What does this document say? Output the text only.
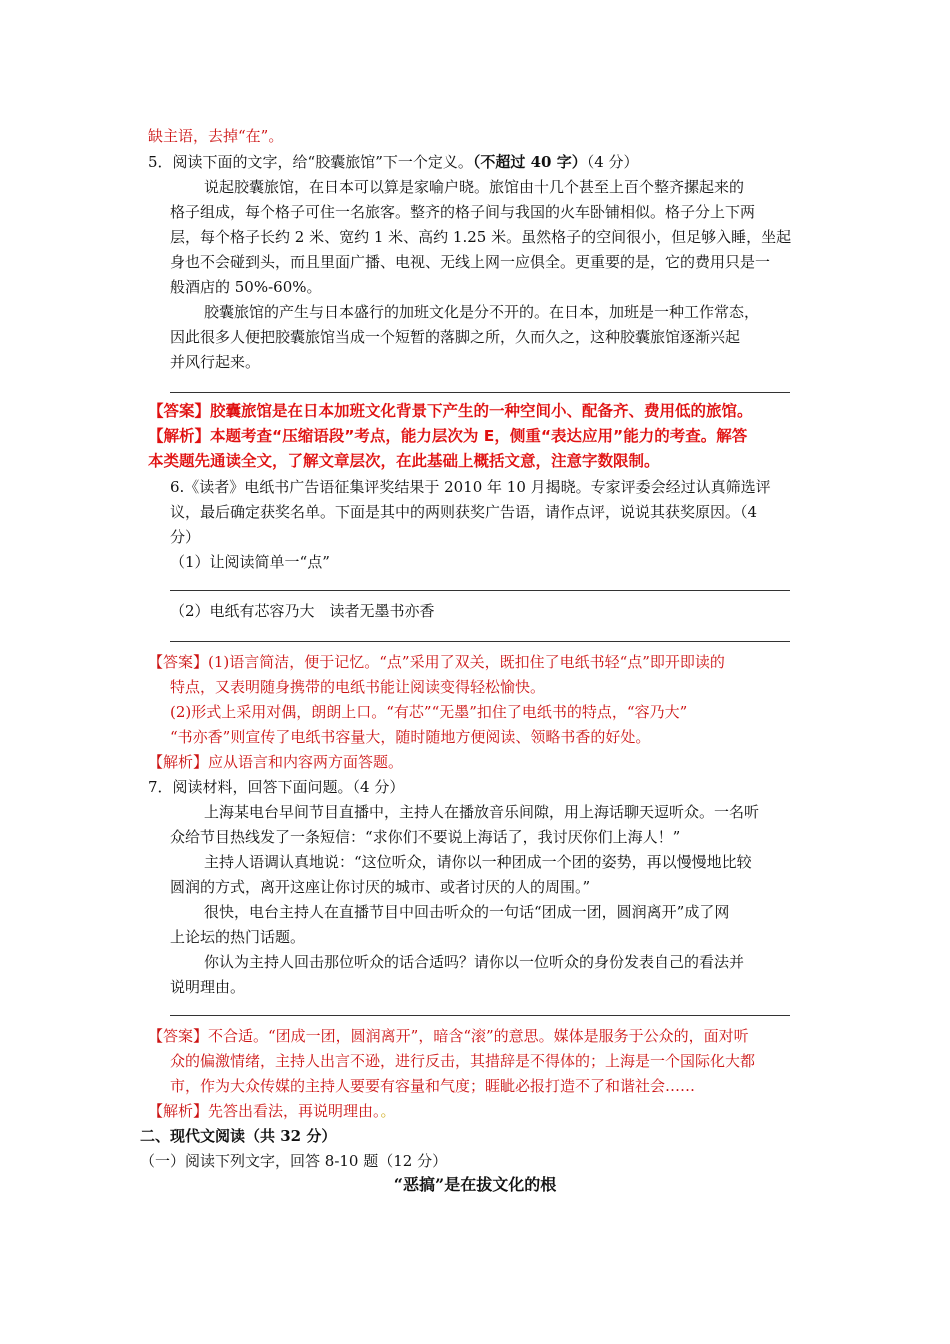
缺主语，去掉“在”。
5．阅读下面的文字，给“胶囊旅馆”下一个定义。（不超过 40 字）（4 分）
说起胶囊旅馆，在日本可以算是家喻户晓。旅馆由十几个甚至上百个整齐摞起来的
格子组成，每个格子可住一名旅客。整齐的格子间与我国的火车卧铺相似。格子分上下两
层，每个格子长约 2 米、宽约 1 米、高约 1.25 米。虽然格子的空间很小，但足够入睡，坐起
身也不会碰到头，而且里面广播、电视、无线上网一应俱全。更重要的是，它的费用只是一
般酒店的 50%-60%。
胶囊旅馆的产生与日本盛行的加班文化是分不开的。在日本，加班是一种工作常态，
因此很多人便把胶囊旅馆当成一个短暂的落脚之所，久而久之，这种胶囊旅馆逐渐兴起
并风行起来。
【答案】胶囊旅馆是在日本加班文化背景下产生的一种空间小、配备齐、费用低的旅馆。
【解析】本题考查“压缩语段”考点，能力层次为 E，侧重“表达应用”能力的考查。解答
本类题先通读全文，了解文章层次，在此基础上概括文意，注意字数限制。
6.《读者》电纸书广告语征集评奖结果于 2010 年 10 月揭晓。专家评委会经过认真筛选评
议，最后确定获奖名单。下面是其中的两则获奖广告语，请作点评，说说其获奖原因。（4
分）
（1）让阅读简单一“点”
（2）电纸有芯容乃大　读者无墨书亦香
【答案】(1)语言简洁，便于记忆。“点”采用了双关，既扣住了电纸书轻“点”即开即读的
特点，又表明随身携带的电纸书能让阅读变得轻松愉快。
(2)形式上采用对偶，朗朗上口。“有芯”“无墨”扣住了电纸书的特点，“容乃大”
“书亦香”则宣传了电纸书容量大，随时随地方便阅读、领略书香的好处。
【解析】应从语言和内容两方面答题。
7．阅读材料，回答下面问题。（4 分）
上海某电台早间节目直播中，主持人在播放音乐间隙，用上海话聊天逗听众。一名听
众给节目热线发了一条短信：“求你们不要说上海话了，我讨厌你们上海人！”
主持人语调认真地说：“这位听众，请你以一种团成一个团的姿势，再以慢慢地比较
圆润的方式，离开这座让你讨厌的城市、或者讨厌的人的周围。”
很快，电台主持人在直播节目中回击听众的一句话“团成一团，圆润离开”成了网
上论坛的热门话题。
你认为主持人回击那位听众的话合适吗？请你以一位听众的身份发表自己的看法并
说明理由。
【答案】不合适。“团成一团，圆润离开”，暗含“滚”的意思。媒体是服务于公众的，面对听
众的偏激情绪，主持人出言不逊，进行反击，其措辞是不得体的；上海是一个国际化大都
市，作为大众传媒的主持人要要有容量和气度；睚眦必报打造不了和谐社会……
【解析】先答出看法，再说明理由。。
二、现代文阅读（共 32 分）
（一）阅读下列文字，回答 8-10 题（12 分）
“恶搞”是在拔文化的根
